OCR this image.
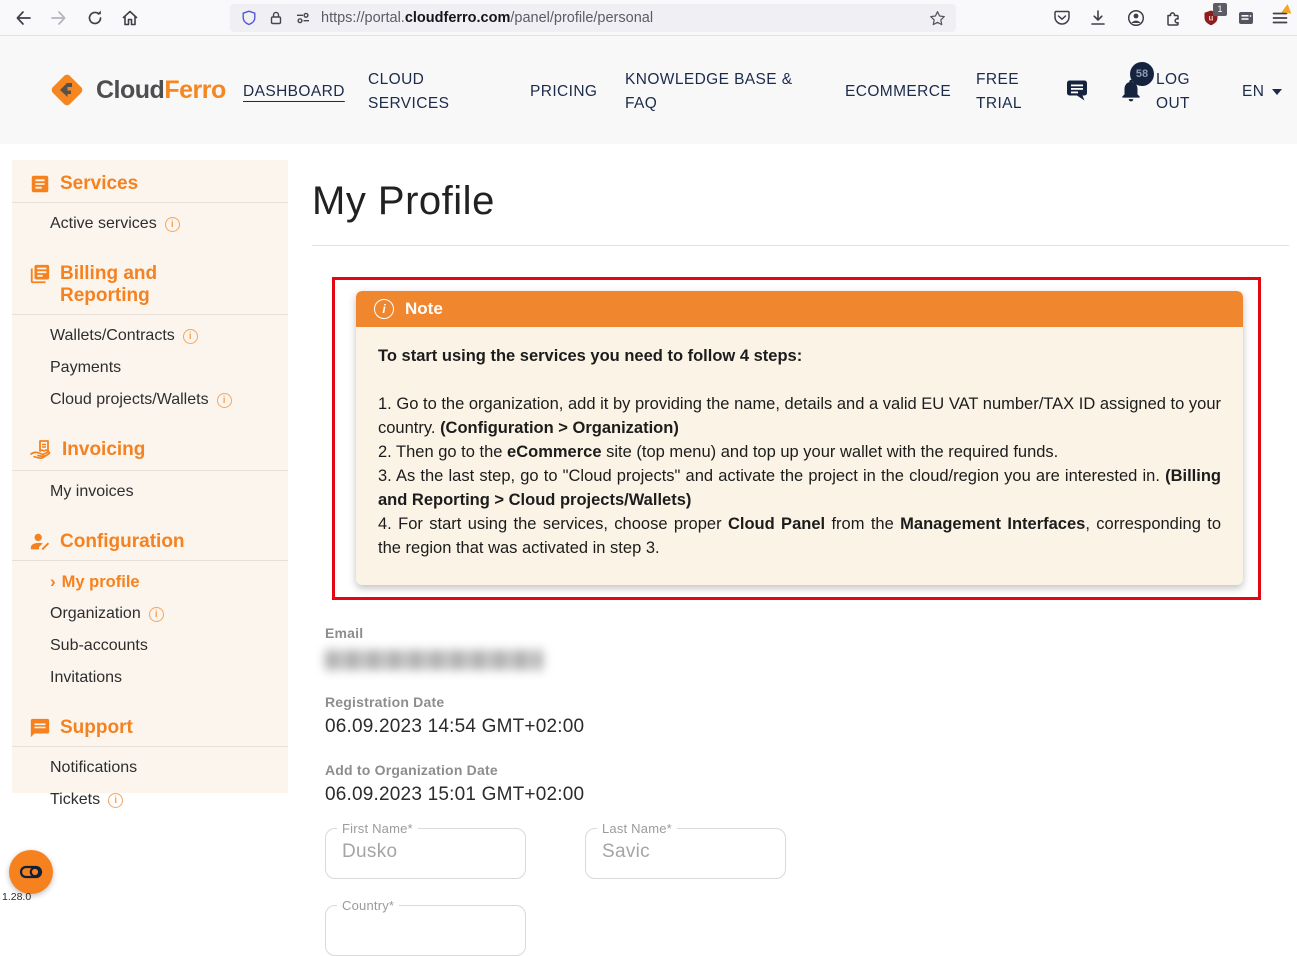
https://portal.cloudferro.com/panel/profile/personal	u
1
CloudFerro DASHBOARD
CLOUD SERVICES
PRICING
KNOWLEDGE BASE & FAQ
ECOMMERCE
FREE TRIAL
58 LOG OUT
EN
Services
Active services	i
Billing and Reporting
Wallets/Contracts	i
Payments
Cloud projects/Wallets	i
Invoicing
My invoices
Configuration
› My profile
Organization	i
Sub-accounts
Invitations
Support
Notifications
Tickets	i
My Profile
i	Note
To start using the services you need to follow 4 steps:
1. Go to the organization, add it by providing the name, details and a valid EU VAT number/TAX ID assigned to your country. (Configuration > Organization)
2. Then go to the eCommerce site (top menu) and top up your wallet with the required funds.
3. As the last step, go to "Cloud projects" and activate the project in the cloud/region you are interested in. (Billing and Reporting > Cloud projects/Wallets)
4. For start using the services, choose proper Cloud Panel from the Management Interfaces, corresponding to the region that was activated in step 3.
Email
Registration Date
06.09.2023 14:54 GMT+02:00
Add to Organization Date
06.09.2023 15:01 GMT+02:00
First Name*
Dusko
Last Name*
Savic
Country*
1.28.0
